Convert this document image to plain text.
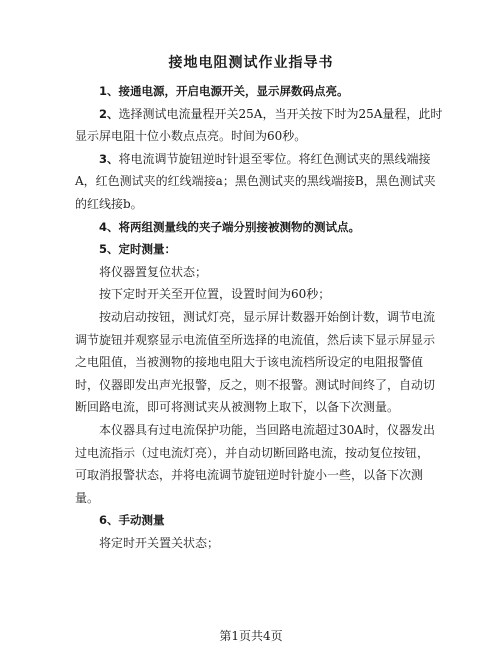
接地电阻测试作业指导书

1、接通电源，开启电源开关，显示屏数码点亮。

2、选择测试电流量程开关25A，当开关按下时为25A量程，此时

显示屏电阻十位小数点点亮。时间为60秒。

3、将电流调节旋钮逆时针退至零位。将红色测试夹的黑线端接

A，红色测试夹的红线端接a；黑色测试夹的黑线端接B，黑色测试夹

的红线接b。

4、将两组测量线的夹子端分别接被测物的测试点。

5、定时测量：

将仪器置复位状态；

按下定时开关至开位置，设置时间为60秒；

按动启动按钮，测试灯亮，显示屏计数器开始倒计数，调节电流

调节旋钮并观察显示电流值至所选择的电流值，然后读下显示屏显示

之电阻值，当被测物的接地电阻大于该电流档所设定的电阻报警值

时，仪器即发出声光报警，反之，则不报警。测试时间终了，自动切

断回路电流，即可将测试夹从被测物上取下，以备下次测量。

本仪器具有过电流保护功能，当回路电流超过30A时，仪器发出

过电流指示（过电流灯亮），并自动切断回路电流，按动复位按钮，

可取消报警状态，并将电流调节旋钮逆时针旋小一些，以备下次测

量。

6、手动测量

将定时开关置关状态；

第1页共4页
